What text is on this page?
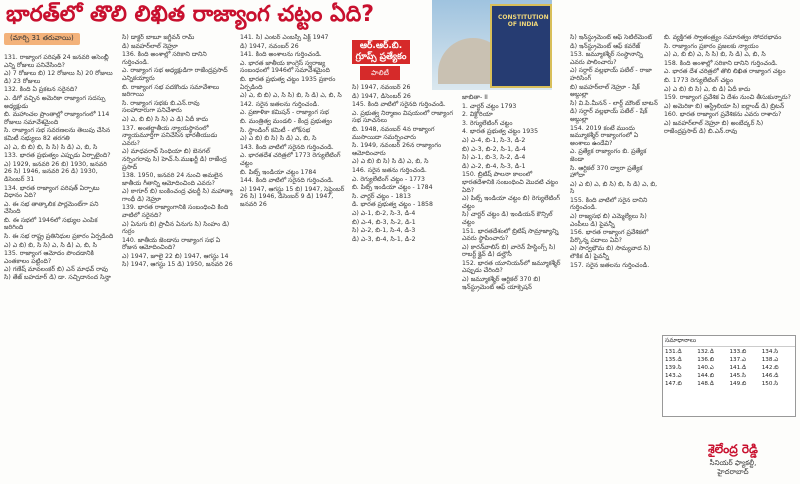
భారత్‌లో తొలి లిఖిత రాజ్యాంగ చట్టం ఏది?
(మార్చి 31 తరువాయి)

131. రాజ్యాంగ పరిషత్ 24 జనవరి అసెంబ్లీ ఎన్ని రోజులు పనిచేసింది?

ఎ) 7 రోజులు బి) 12 రోజులు సి) 20 రోజులు డి) 23 రోజులు

132. కింది ఏ ప్రకటన సరైనది?

ఎ. డిగో వచ్చిన అమెరికా రాజ్యాంగ సదస్సు అధ్యక్షుడు

బి. మహాంచల ప్రాంతాల్లో రాజ్యాంగంలో 114 రోజులు సమావేశమైంది

సి. రాజ్యాంగ సభ సవరణలను తెలుపు చేసిన కమిటీ సభ్యులు 82 తరగతి

ఎ) ఎ, బి బి) బి, సి సి) సి డి) ఎ, బి, సి

133. భారత ప్రభుత్వం ఎప్పుడు ఏర్పాటైంది?

ఎ) 1929, జనవరి 26 బి) 1930, జనవరి 26 సి) 1946, జనవరి 26 డి) 1930, డిసెంబర్ 31

134. భారత రాజ్యాంగ పరిషత్ ఏర్పాటు విధానం ఏది?

ఎ. ఈ సభ తాత్కాలిక పార్లమెంట్‌గా పని చేసింది

బి. ఈ సభలో 1946లో సభ్యుల ఎంపిక జరిగింది

సి. ఈ సభ రాష్ట్ర ప్రతినిధుల ప్రకారం ఏర్పడింది

ఎ) ఎ బి) బి, సి సి) ఎ, సి డి) ఎ, బి, సి

135. రాజ్యాంగ ఆమోదం పొందడానికి ఎంతకాలం పట్టింది?

ఎ) గణేష్ మావలంకర్ బి) ఎన్ మాధవ్ రావు సి) తేజ్ బహదూర్ డి) డా. సచ్చిదానంద సిన్హా

సి) డాక్టర్ బాబూ జగ్జీవన్ రామ్

డి) జవహర్‌లాల్ నెహ్రూ

136. కింది అంశాల్లో సరికాని దానిని గుర్తించండి.

ఎ. రాజ్యాంగ సభ అధ్యక్షుడిగా రాజేంద్రప్రసాద్ ఎన్నికయ్యారు

బి. రాజ్యాంగ సభ పదకొండు సమావేశాలు జరిగాయి

సి. రాజ్యాంగ సభకు బి.ఎన్.రావు సలహాదారుగా పనిచేశారు

ఎ) ఎ, బి బి) సి సి) ఎ డి) ఏదీ కాదు

137. అంతర్జాతీయ న్యాయస్థానంలో న్యాయమూర్తిగా పనిచేసిన భారతీయుడు ఎవరు?

ఎ) మాధవరావ్ సింధియా బి) బెనగల్ నర్సింగరావు సి) హెచ్.సి.ముఖర్జీ డి) రాజేంద్ర ప్రసాద్

138. 1950, జనవరి 24 నుంచి అమలైన జాతీయ గీతాన్ని ఆమోదించింది ఎవరు?

ఎ) ఠాగూర్ బి) బంకించంద్ర ఛటర్జీ సి) మహాత్మా గాంధీ డి) నెహ్రూ

139. భారత రాజ్యాంగానికి సంబంధించి కింది వాటిలో సరైనది?

ఎ) ఏనుగు బి) ప్రాచీన ఏనుగు సి) సింహం డి) గుర్రం

140. జాతీయ జెండాను రాజ్యాంగ సభ ఏ రోజున ఆమోదించింది?

ఎ) 1947, జూలై 22 బి) 1947, ఆగస్టు 14 సి) 1947, ఆగస్టు 15 డి) 1950, జనవరి 26

141. సి) ఎంటర్ ఎంబస్సీ ఏక్ట్ 1947

డి) 1947, నవంబర్ 26

141. కింది అంశాలను గుర్తించండి.

ఎ. భారత జాతీయ కాంగ్రెస్ స్వరాజ్య సంబంధంలో 1946లో సమావేశమైంది

బి. భారత ప్రభుత్వ చట్టం 1935 ప్రకారం ఏర్పడింది

ఎ) ఎ, బి బి) ఎ, సి సి) బి, సి డి) ఎ, బి, సి

142. సరైన జతలను గుర్తించండి.

ఎ. ప్రణాళికా కమిషన్ - రాజ్యాంగ సభ

బి. మంత్రిత్వ మండలి - కేంద్ర ప్రభుత్వం

సి. స్టాండింగ్ కమిటీ - లోక్‌సభ

ఎ) ఎ బి) బి సి) సి డి) ఎ, బి, సి

143. కింది వాటిలో సరైనది గుర్తించండి.

ఎ. భారతదేశ చరిత్రలో 1773 రెగ్యులేటింగ్ చట్టం

బి. పిట్స్ ఇండియా చట్టం 1784

144. కింది వాటిలో సరైనది గుర్తించండి.

ఎ) 1947, ఆగస్టు 15 బి) 1947, సెప్టెంబర్ 26 సి) 1946, డిసెంబర్ 9 డి) 1947, జనవరి 26

సి) 1947, నవంబర్ 26

డి) 1947, డిసెంబర్ 26

145. కింది వాటిలో సరైనది గుర్తించండి.

ఎ. ప్రభుత్వ నిర్మాణం విషయంలో రాజ్యాంగ సభ సూచనలు

బి. 1948, నవంబర్ 4న రాజ్యాంగ ముసాయిదా సమర్పించారు

సి. 1949, నవంబర్ 26న రాజ్యాంగం ఆమోదించారు

ఎ) ఎ బి) బి సి) సి డి) ఎ, బి, సి

146. సరైన జతను గుర్తించండి.

ఎ. రెగ్యులేటింగ్ చట్టం - 1773

బి. పిట్స్ ఇండియా చట్టం - 1784

సి. చార్టర్ చట్టం - 1813

డి. భారత ప్రభుత్వ చట్టం - 1858

ఎ) ఎ-1, బి-2, సి-3, డి-4

బి) ఎ-4, బి-3, సి-2, డి-1

సి) ఎ-2, బి-1, సి-4, డి-3

డి) ఎ-3, బి-4, సి-1, డి-2

జాబితా- II

1. చార్టర్ చట్టం 1793

2. విక్టోరియా

3. రెగ్యులేటింగ్ చట్టం

4. భారత ప్రభుత్వ చట్టం 1935

ఎ) ఎ-4, బి-1, సి-3, డి-2

బి) ఎ-3, బి-2, సి-1, డి-4

సి) ఎ-1, బి-3, సి-2, డి-4

డి) ఎ-2, బి-4, సి-3, డి-1

150. బ్రిటిష్ పాలనా కాలంలో భారతదేశానికి సంబంధించి మొదటి చట్టం ఏది?

ఎ) పిట్స్ ఇండియా చట్టం బి) రెగ్యులేటింగ్ చట్టం

సి) చార్టర్ చట్టం డి) ఇండియన్ కౌన్సిల్ చట్టం

151. భారతదేశంలో బ్రిటిష్ సామ్రాజ్యాన్ని ఎవరు స్థాపించారు?

ఎ) కారన్‌వాలిస్ బి) వారెన్ హేస్టింగ్స్ సి) రాబర్ట్ క్లైవ్ డి) డల్హౌసీ

152. భారత యూనియన్‌లో జమ్మూకశ్మీర్ ఎప్పుడు చేరింది?

ఎ) జమ్మూకశ్మీర్ ఆర్టికల్ 370 బి) ఇన్‌స్ట్రుమెంట్ ఆఫ్ యాక్సెషన్

సి) ఇన్‌స్ట్రుమెంట్ ఆఫ్ సెటిల్‌మెంట్

డి) ఇన్‌స్ట్రుమెంట్ ఆఫ్ కవరేజ్

153. జమ్మూకశ్మీర్ సంస్థానాన్ని ఎవరు పాలించారు?

ఎ) సర్దార్ వల్లభాయ్ పటేల్ - రాజా హరిసింగ్

బి) జవహర్‌లాల్ నెహ్రూ - షేక్ అబ్దుల్లా

సి) వి.పి.మీనన్ - లార్డ్ మౌంట్ బాటన్

డి) సర్దార్ వల్లభాయ్ పటేల్ - షేక్ అబ్దుల్లా

154. 2019 కంటే ముందు జమ్మూకశ్మీర్ రాజ్యాంగంలో ఏ అంశాలు ఉండేవి?

ఎ. ప్రత్యేక రాజ్యాంగం బి. ప్రత్యేక జెండా

సి. ఆర్టికల్ 370 ద్వారా ప్రత్యేక హోదా

ఎ) ఎ బి) ఎ, బి సి) బి, సి డి) ఎ, బి, సి

155. కింది వాటిలో సరైన దానిని గుర్తించండి.

ఎ) రాజ్యసభ బి) ఎమ్మెల్యేలు సి) ఎంపీలు డి) పైవన్నీ

156. భారత రాజ్యాంగ ప్రవేశికలో పేర్కొన్న పదాలు ఏవి?

ఎ) సార్వభౌమ బి) సామ్యవాద సి) లౌకిక డి) పైవన్నీ

157. సరైన జతలను గుర్తించండి.

బి. వ్యక్తిగత స్వాతంత్ర్యం సమానత్వం సోదరభావం

సి. రాజ్యాంగం ప్రకారం ప్రజలకు న్యాయం

ఎ) ఎ, బి బి) ఎ, సి సి) బి, సి డి) ఎ, బి, సి

158. కింది అంశాల్లో సరికాని దానిని గుర్తించండి.

ఎ. భారత దేశ చరిత్రలో తొలి లిఖిత రాజ్యాంగ చట్టం

బి. 1773 రెగ్యులేటింగ్ చట్టం

ఎ) ఎ బి) బి సి) ఎ, బి డి) ఏదీ కాదు

159. రాజ్యాంగ ప్రవేశిక ఏ దేశం నుంచి తీసుకున్నారు?

ఎ) అమెరికా బి) ఆస్ట్రేలియా సి) ఐర్లాండ్ డి) బ్రిటన్

160. భారత రాజ్యాంగ ప్రవేశికను ఎవరు రాశారు?

ఎ) జవహర్‌లాల్ నెహ్రూ బి) అంబేద్కర్ సి) రాజేంద్రప్రసాద్ డి) బి.ఎన్.రావు

ఆర్.ఆర్.బి. గ్రూప్స్ ప్రత్యేకం
పాలిటీ
CONSTITUTION OF INDIA
సమాధానాలు
131.డి	132.డి	133.బి	134.సి
135.డి	136.బి	137.ఎ	138.ఎ
139.సి	140.ఎ	141.డి	142.బి
143.ఎ	144.బి	145.సి	146.డి
147.బి	148.డి	149.బి	150.సి
శైలేంద్ర రెడ్డి
సీనియర్ ఫ్యాకల్టీ,
హైదరాబాద్
